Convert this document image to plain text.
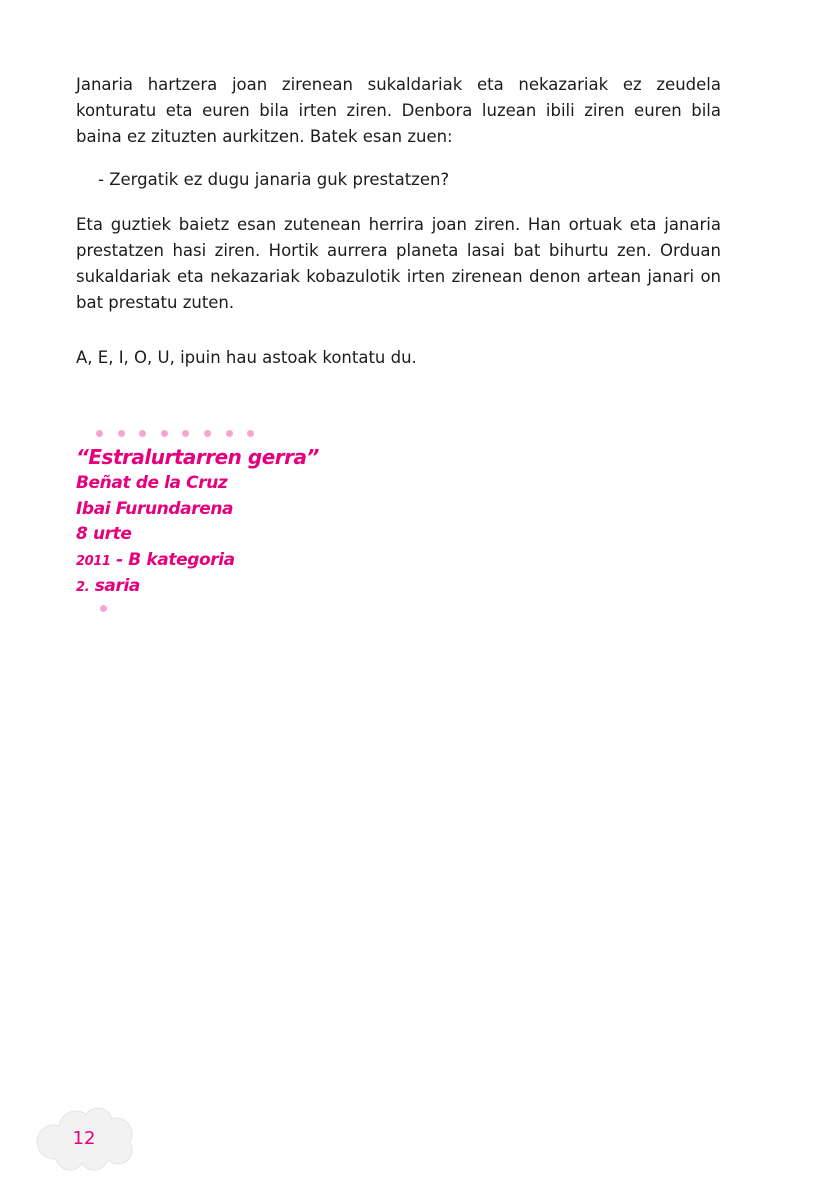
Janaria hartzera joan zirenean sukaldariak eta nekazariak ez zeudela konturatu eta euren bila irten ziren. Denbora luzean ibili ziren euren bila baina ez zituzten aurkitzen. Batek esan zuen:

- Zergatik ez dugu janaria guk prestatzen?

Eta guztiek baietz esan zutenean herrira joan ziren. Han ortuak eta janaria prestatzen hasi ziren. Hortik aurrera planeta lasai bat bihurtu zen. Orduan sukaldariak eta nekazariak kobazulotik irten zirenean denon artean janari on bat prestatu zuten.

A, E, I, O, U, ipuin hau astoak kontatu du.

“Estralurtarren gerra”
Beñat de la Cruz
Ibai Furundarena
8 urte
2011 - B kategoria
2. saria
12
